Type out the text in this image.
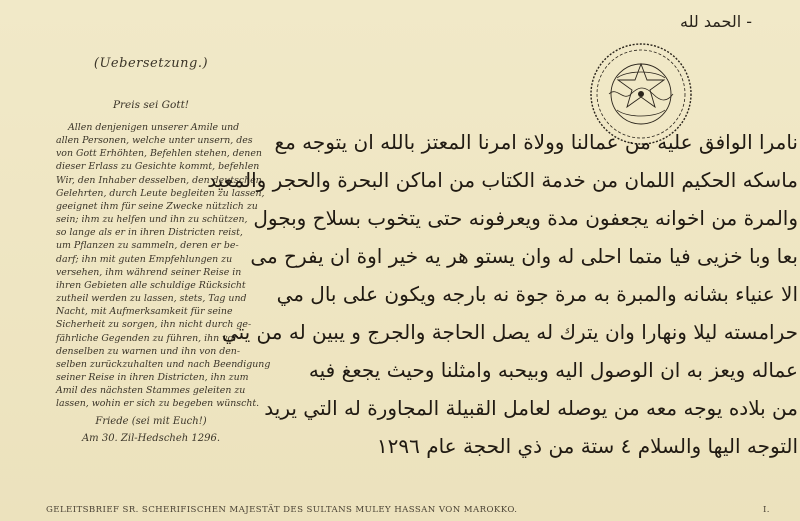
(Uebersetzung.)

Preis sei Gott!

Allen denjenigen unserer Amile und
allen Personen, welche unter unsern, des
von Gott Erhöhten, Befehlen stehen, denen
dieser Erlass zu Gesichte kommt, befehlen
Wir, den Inhaber desselben, den deutschen
Gelehrten, durch Leute begleiten zu lassen,
geeignet ihm für seine Zwecke nützlich zu
sein; ihm zu helfen und ihn zu schützen,
so lange als er in ihren Districten reist,
um Pflanzen zu sammeln, deren er be-
darf; ihn mit guten Empfehlungen zu
versehen, ihm während seiner Reise in
ihren Gebieten alle schuldige Rücksicht
zutheil werden zu lassen, stets, Tag und
Nacht, mit Aufmerksamkeit für seine
Sicherheit zu sorgen, ihn nicht durch ge-
fährliche Gegenden zu führen, ihn vor
denselben zu warnen und ihn von den-
selben zurückzuhalten und nach Beendigung
seiner Reise in ihren Districten, ihn zum
Amil des nächsten Stammes geleiten zu
lassen, wohin er sich zu begeben wünscht.

Friede (sei mit Euch!)

Am 30. Zil-Hedscheh 1296.

- الحمد لله
نامرا الوافق عليه من عمالنا وولاة امرنا المعتز بالله ان يتوجه مع
ماسكه الحكيم اللمان من خدمة الكتاب من اماكن البحرة والحجر والمعيد
والمرة من اخوانه يجعفون مدة ويعرفونه حتى يتخوب بسلاح وبجول
بعا وبا خزيى فيا متما احلى له وان يستو هر يه خير اوة ان يفرح مى
الا عنياء بشانه والمبرة به مرة جوة نه بارجه ويكون على بال مي
حرامسته ليلا ونهارا وان يترك له يصل الحاجة والجرج و يبين له من يتي
عماله ويعز به ان الوصول اليه وبيحبه وامثلنا وحيث يجعغ فيه
من بلاده يوجه معه من يوصله لعامل القبيلة المجاورة له التي يريد
التوجه اليها والسلام ٤ ستة من ذي الحجة عام ١٢٩٦
GELEITSBRIEF SR. SCHERIFISCHEN MAJESTÄT DES SULTANS MULEY HASSAN VON MAROKKO.	I.
